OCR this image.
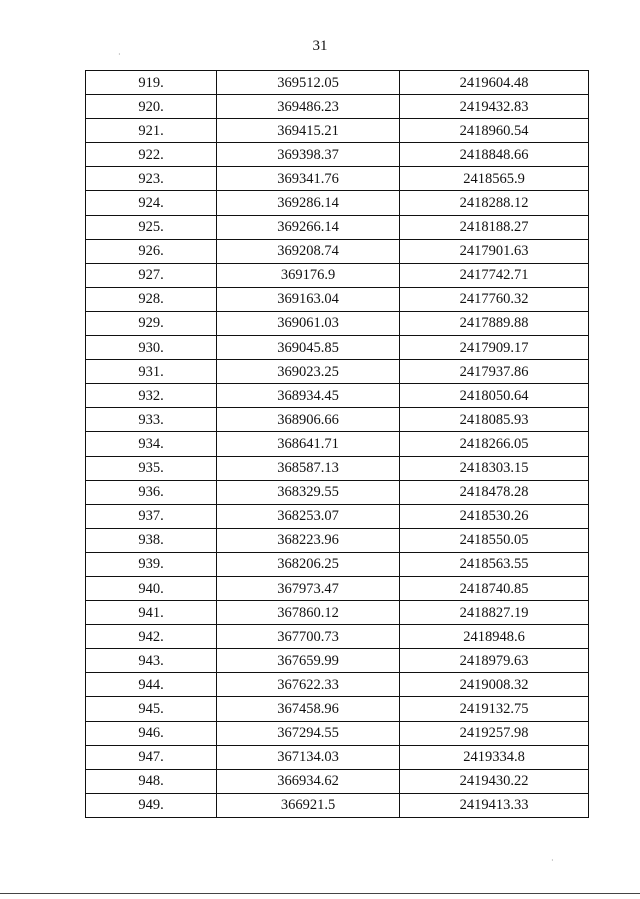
31
·
·
919.	369512.05	2419604.48
920.	369486.23	2419432.83
921.	369415.21	2418960.54
922.	369398.37	2418848.66
923.	369341.76	2418565.9
924.	369286.14	2418288.12
925.	369266.14	2418188.27
926.	369208.74	2417901.63
927.	369176.9	2417742.71
928.	369163.04	2417760.32
929.	369061.03	2417889.88
930.	369045.85	2417909.17
931.	369023.25	2417937.86
932.	368934.45	2418050.64
933.	368906.66	2418085.93
934.	368641.71	2418266.05
935.	368587.13	2418303.15
936.	368329.55	2418478.28
937.	368253.07	2418530.26
938.	368223.96	2418550.05
939.	368206.25	2418563.55
940.	367973.47	2418740.85
941.	367860.12	2418827.19
942.	367700.73	2418948.6
943.	367659.99	2418979.63
944.	367622.33	2419008.32
945.	367458.96	2419132.75
946.	367294.55	2419257.98
947.	367134.03	2419334.8
948.	366934.62	2419430.22
949.	366921.5	2419413.33
